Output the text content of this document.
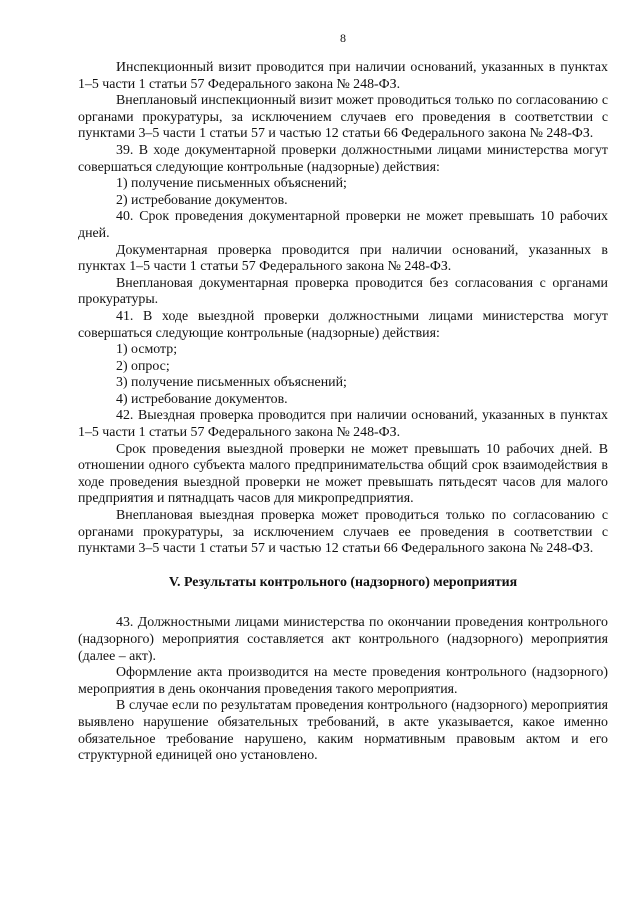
8

Инспекционный визит проводится при наличии оснований, указанных в пунктах 1–5 части 1 статьи 57 Федерального закона № 248-ФЗ.

Внеплановый инспекционный визит может проводиться только по согласованию с органами прокуратуры, за исключением случаев его проведения в соответствии с пунктами 3–5 части 1 статьи 57 и частью 12 статьи 66 Федерального закона № 248-ФЗ.

39. В ходе документарной проверки должностными лицами министерства могут совершаться следующие контрольные (надзорные) действия:

1) получение письменных объяснений;

2) истребование документов.

40. Срок проведения документарной проверки не может превышать 10 рабочих дней.

Документарная проверка проводится при наличии оснований, указанных в пунктах 1–5 части 1 статьи 57 Федерального закона № 248-ФЗ.

Внеплановая документарная проверка проводится без согласования с органами прокуратуры.

41. В ходе выездной проверки должностными лицами министерства могут совершаться следующие контрольные (надзорные) действия:

1) осмотр;

2) опрос;

3) получение письменных объяснений;

4) истребование документов.

42. Выездная проверка проводится при наличии оснований, указанных в пунктах 1–5 части 1 статьи 57 Федерального закона № 248-ФЗ.

Срок проведения выездной проверки не может превышать 10 рабочих дней. В отношении одного субъекта малого предпринимательства общий срок взаимодействия в ходе проведения выездной проверки не может превышать пятьдесят часов для малого предприятия и пятнадцать часов для микропредприятия.

Внеплановая выездная проверка может проводиться только по согласованию с органами прокуратуры, за исключением случаев ее проведения в соответствии с пунктами 3–5 части 1 статьи 57 и частью 12 статьи 66 Федерального закона № 248-ФЗ.

V. Результаты контрольного (надзорного) мероприятия

43. Должностными лицами министерства по окончании проведения контрольного (надзорного) мероприятия составляется акт контрольного (надзорного) мероприятия (далее – акт).

Оформление акта производится на месте проведения контрольного (надзорного) мероприятия в день окончания проведения такого мероприятия.

В случае если по результатам проведения контрольного (надзорного) мероприятия выявлено нарушение обязательных требований, в акте указывается, какое именно обязательное требование нарушено, каким нормативным правовым актом и его структурной единицей оно установлено.
